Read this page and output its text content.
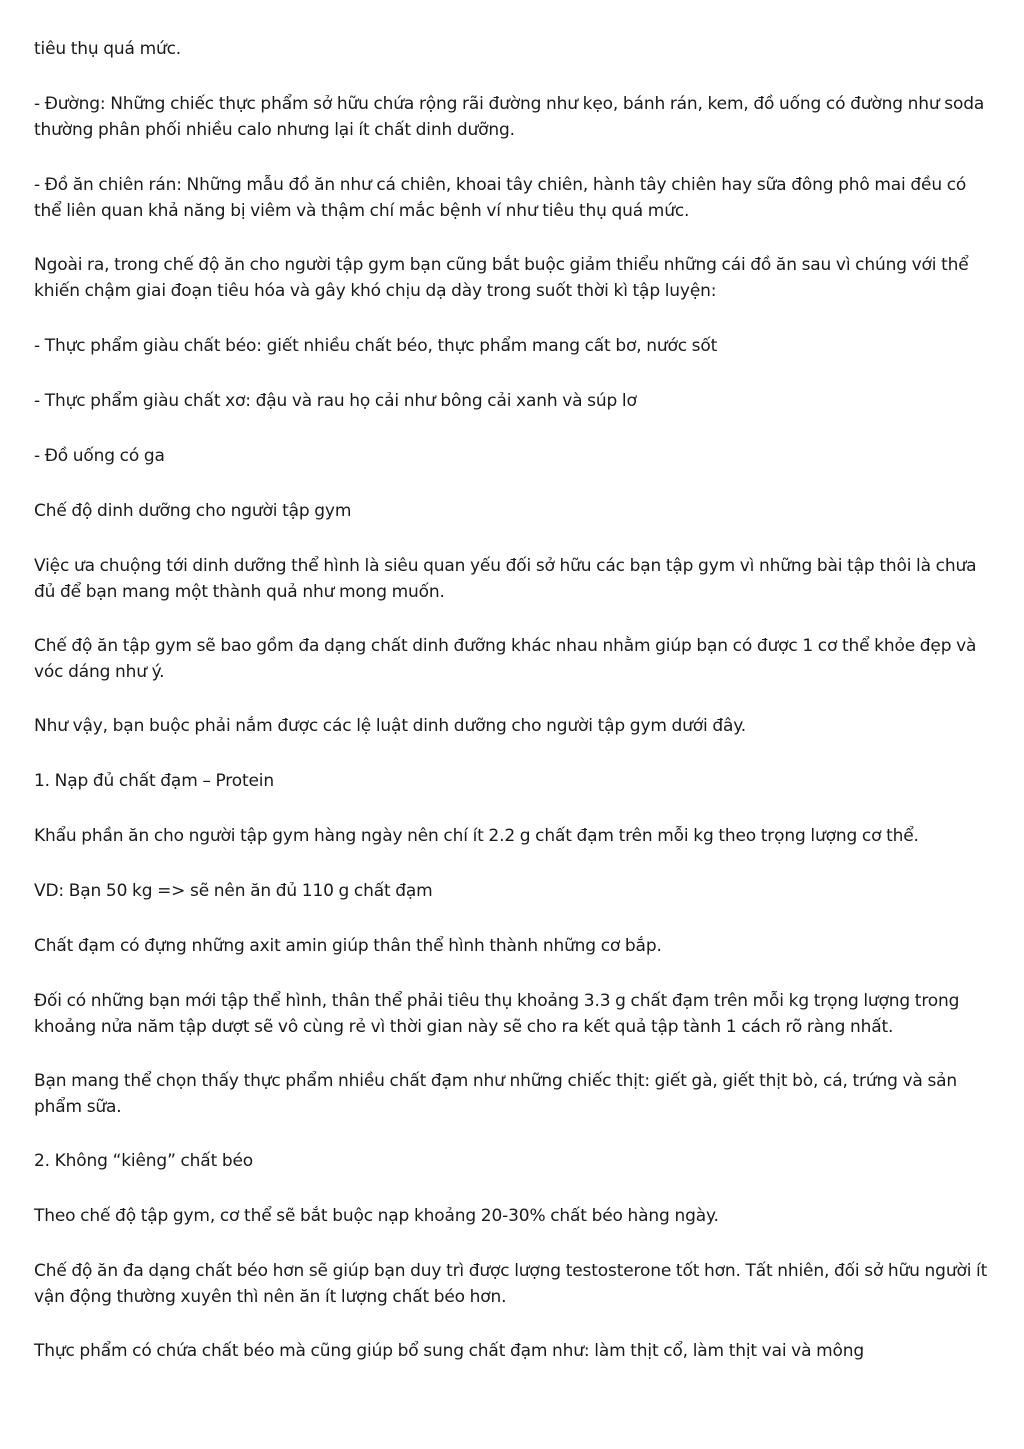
tiêu thụ quá mức.

- Đường: Những chiếc thực phẩm sở hữu chứa rộng rãi đường như kẹo, bánh rán, kem, đồ uống có đường như soda thường phân phối nhiều calo nhưng lại ít chất dinh dưỡng.

- Đồ ăn chiên rán: Những mẫu đồ ăn như cá chiên, khoai tây chiên, hành tây chiên hay sữa đông phô mai đều có thể liên quan khả năng bị viêm và thậm chí mắc bệnh ví như tiêu thụ quá mức.

Ngoài ra, trong chế độ ăn cho người tập gym bạn cũng bắt buộc giảm thiểu những cái đồ ăn sau vì chúng với thể khiến chậm giai đoạn tiêu hóa và gây khó chịu dạ dày trong suốt thời kì tập luyện:

- Thực phẩm giàu chất béo: giết nhiều chất béo, thực phẩm mang cất bơ, nước sốt

- Thực phẩm giàu chất xơ: đậu và rau họ cải như bông cải xanh và súp lơ

- Đồ uống có ga

Chế độ dinh dưỡng cho người tập gym

Việc ưa chuộng tới dinh dưỡng thể hình là siêu quan yếu đối sở hữu các bạn tập gym vì những bài tập thôi là chưa đủ để bạn mang một thành quả như mong muốn.

Chế độ ăn tập gym sẽ bao gồm đa dạng chất dinh đưỡng khác nhau nhằm giúp bạn có được 1 cơ thể khỏe đẹp và vóc dáng như ý.

Như vậy, bạn buộc phải nắm được các lệ luật dinh dưỡng cho người tập gym dưới đây.

1. Nạp đủ chất đạm – Protein

Khẩu phần ăn cho người tập gym hàng ngày nên chí ít 2.2 g chất đạm trên mỗi kg theo trọng lượng cơ thể.

VD: Bạn 50 kg => sẽ nên ăn đủ 110 g chất đạm

Chất đạm có đựng những axit amin giúp thân thể hình thành những cơ bắp.

Đối có những bạn mới tập thể hình, thân thể phải tiêu thụ khoảng 3.3 g chất đạm trên mỗi kg trọng lượng trong khoảng nửa năm tập dượt sẽ vô cùng rẻ vì thời gian này sẽ cho ra kết quả tập tành 1 cách rõ ràng nhất.

Bạn mang thể chọn thấy thực phẩm nhiều chất đạm như những chiếc thịt: giết gà, giết thịt bò, cá, trứng và sản phẩm sữa.

2. Không “kiêng” chất béo

Theo chế độ tập gym, cơ thể sẽ bắt buộc nạp khoảng 20-30% chất béo hàng ngày.

Chế độ ăn đa dạng chất béo hơn sẽ giúp bạn duy trì được lượng testosterone tốt hơn. Tất nhiên, đối sở hữu người ít vận động thường xuyên thì nên ăn ít lượng chất béo hơn.

Thực phẩm có chứa chất béo mà cũng giúp bổ sung chất đạm như: làm thịt cổ, làm thịt vai và mông
